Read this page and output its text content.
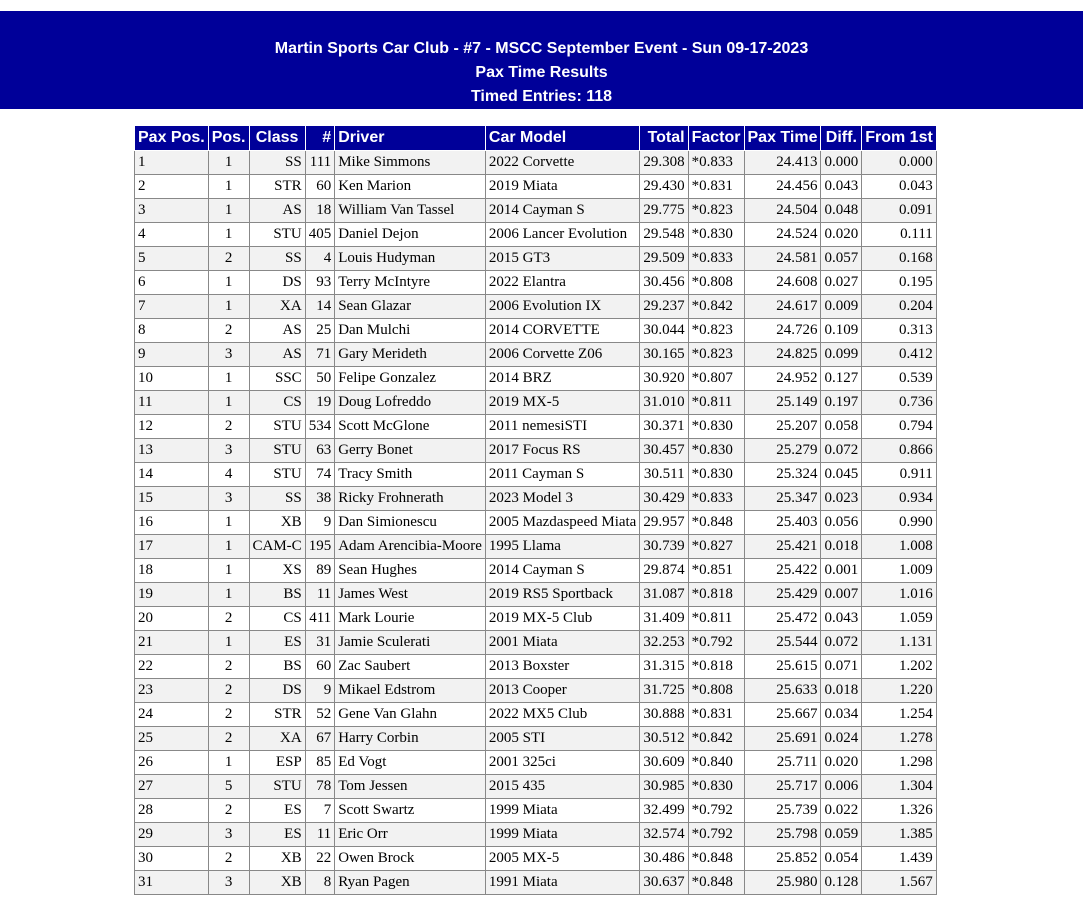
Martin Sports Car Club - #7 - MSCC September Event - Sun 09-17-2023
Pax Time Results
Timed Entries: 118
Pax Pos.	Pos.	Class	#	Driver	Car Model	Total	Factor	Pax Time	Diff.	From 1st
1	1	SS	111	Mike Simmons	2022 Corvette	29.308	*0.833	24.413	0.000	0.000
2	1	STR	60	Ken Marion	2019 Miata	29.430	*0.831	24.456	0.043	0.043
3	1	AS	18	William Van Tassel	2014 Cayman S	29.775	*0.823	24.504	0.048	0.091
4	1	STU	405	Daniel Dejon	2006 Lancer Evolution	29.548	*0.830	24.524	0.020	0.111
5	2	SS	4	Louis Hudyman	2015 GT3	29.509	*0.833	24.581	0.057	0.168
6	1	DS	93	Terry McIntyre	2022 Elantra	30.456	*0.808	24.608	0.027	0.195
7	1	XA	14	Sean Glazar	2006 Evolution IX	29.237	*0.842	24.617	0.009	0.204
8	2	AS	25	Dan Mulchi	2014 CORVETTE	30.044	*0.823	24.726	0.109	0.313
9	3	AS	71	Gary Merideth	2006 Corvette Z06	30.165	*0.823	24.825	0.099	0.412
10	1	SSC	50	Felipe Gonzalez	2014 BRZ	30.920	*0.807	24.952	0.127	0.539
11	1	CS	19	Doug Lofreddo	2019 MX-5	31.010	*0.811	25.149	0.197	0.736
12	2	STU	534	Scott McGlone	2011 nemesiSTI	30.371	*0.830	25.207	0.058	0.794
13	3	STU	63	Gerry Bonet	2017 Focus RS	30.457	*0.830	25.279	0.072	0.866
14	4	STU	74	Tracy Smith	2011 Cayman S	30.511	*0.830	25.324	0.045	0.911
15	3	SS	38	Ricky Frohnerath	2023 Model 3	30.429	*0.833	25.347	0.023	0.934
16	1	XB	9	Dan Simionescu	2005 Mazdaspeed Miata	29.957	*0.848	25.403	0.056	0.990
17	1	CAM-C	195	Adam Arencibia-Moore	1995 Llama	30.739	*0.827	25.421	0.018	1.008
18	1	XS	89	Sean Hughes	2014 Cayman S	29.874	*0.851	25.422	0.001	1.009
19	1	BS	11	James West	2019 RS5 Sportback	31.087	*0.818	25.429	0.007	1.016
20	2	CS	411	Mark Lourie	2019 MX-5 Club	31.409	*0.811	25.472	0.043	1.059
21	1	ES	31	Jamie Sculerati	2001 Miata	32.253	*0.792	25.544	0.072	1.131
22	2	BS	60	Zac Saubert	2013 Boxster	31.315	*0.818	25.615	0.071	1.202
23	2	DS	9	Mikael Edstrom	2013 Cooper	31.725	*0.808	25.633	0.018	1.220
24	2	STR	52	Gene Van Glahn	2022 MX5 Club	30.888	*0.831	25.667	0.034	1.254
25	2	XA	67	Harry Corbin	2005 STI	30.512	*0.842	25.691	0.024	1.278
26	1	ESP	85	Ed Vogt	2001 325ci	30.609	*0.840	25.711	0.020	1.298
27	5	STU	78	Tom Jessen	2015 435	30.985	*0.830	25.717	0.006	1.304
28	2	ES	7	Scott Swartz	1999 Miata	32.499	*0.792	25.739	0.022	1.326
29	3	ES	11	Eric Orr	1999 Miata	32.574	*0.792	25.798	0.059	1.385
30	2	XB	22	Owen Brock	2005 MX-5	30.486	*0.848	25.852	0.054	1.439
31	3	XB	8	Ryan Pagen	1991 Miata	30.637	*0.848	25.980	0.128	1.567
